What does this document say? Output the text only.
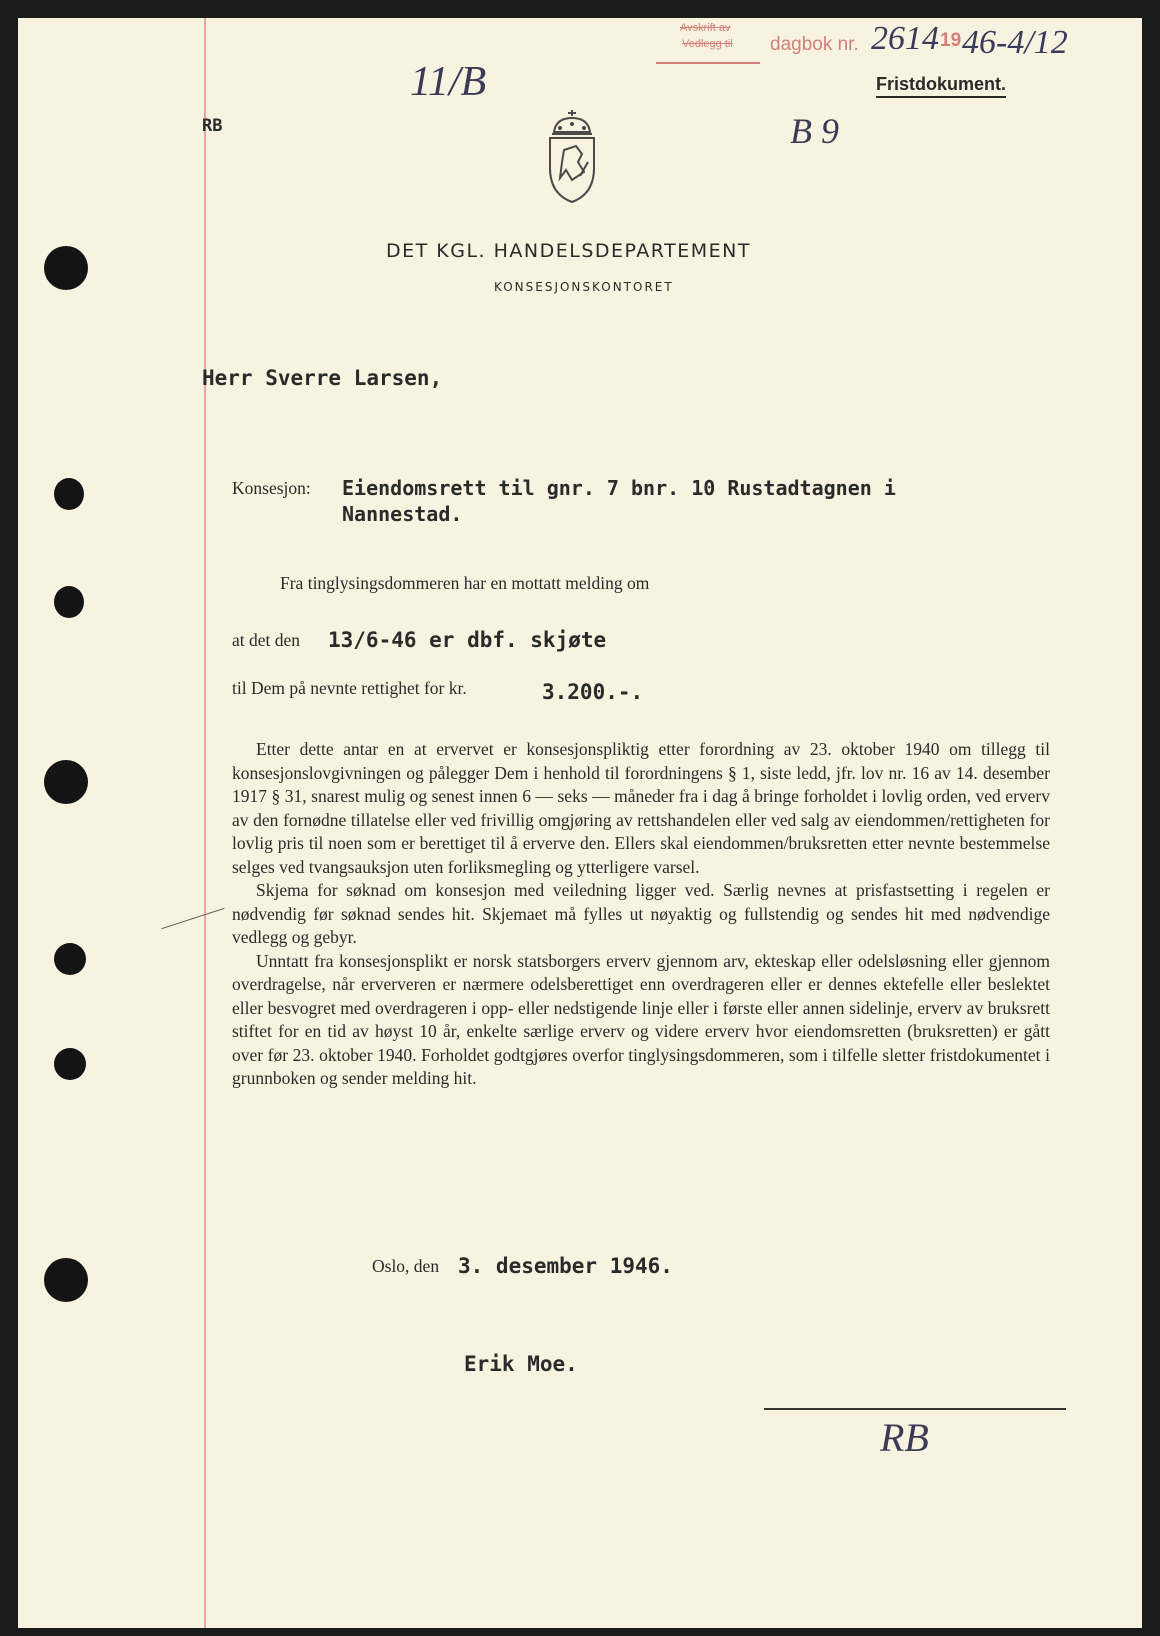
Avskrift av
Vedlegg til dagbok nr. 2614 19 46-4/12
Fristdokument.
RB
11/B
B 9
DET KGL. HANDELSDEPARTEMENT
KONSESJONSKONTORET
Herr Sverre Larsen,
Konsesjon: Eiendomsrett til gnr. 7 bnr. 10 Rustadtagnen i
Nannestad.
Fra tinglysingsdommeren har en mottatt melding om
at det den 13/6-46 er dbf. skjøte
til Dem på nevnte rettighet for kr.	3.200.-.

Etter dette antar en at ervervet er konsesjonspliktig etter forordning av 23. oktober 1940 om tillegg til konsesjonslovgivningen og pålegger Dem i henhold til forordningens § 1, siste ledd, jfr. lov nr. 16 av 14. desember 1917 § 31, snarest mulig og senest innen 6 — seks — måneder fra i dag å bringe forholdet i lovlig orden, ved erverv av den fornødne tillatelse eller ved frivillig omgjøring av rettshandelen eller ved salg av eiendommen/rettigheten for lovlig pris til noen som er berettiget til å erverve den. Ellers skal eiendommen/bruksretten etter nevnte bestemmelse selges ved tvangsauksjon uten forliksmegling og ytterligere varsel.

Skjema for søknad om konsesjon med veiledning ligger ved. Særlig nevnes at prisfastsetting i regelen er nødvendig før søknad sendes hit. Skjemaet må fylles ut nøyaktig og fullstendig og sendes hit med nødvendige vedlegg og gebyr.

Unntatt fra konsesjonsplikt er norsk statsborgers erverv gjennom arv, ekteskap eller odelsløsning eller gjennom overdragelse, når erververen er nærmere odelsberettiget enn overdrageren eller er dennes ektefelle eller beslektet eller besvogret med overdrageren i opp- eller nedstigende linje eller i første eller annen sidelinje, erverv av bruksrett stiftet for en tid av høyst 10 år, enkelte særlige erverv og videre erverv hvor eiendomsretten (bruksretten) er gått over før 23. oktober 1940. Forholdet godtgjøres overfor tinglysingsdommeren, som i tilfelle sletter fristdokumentet i grunnboken og sender melding hit.

Oslo, den 3. desember 1946.
Erik Moe.
RB
